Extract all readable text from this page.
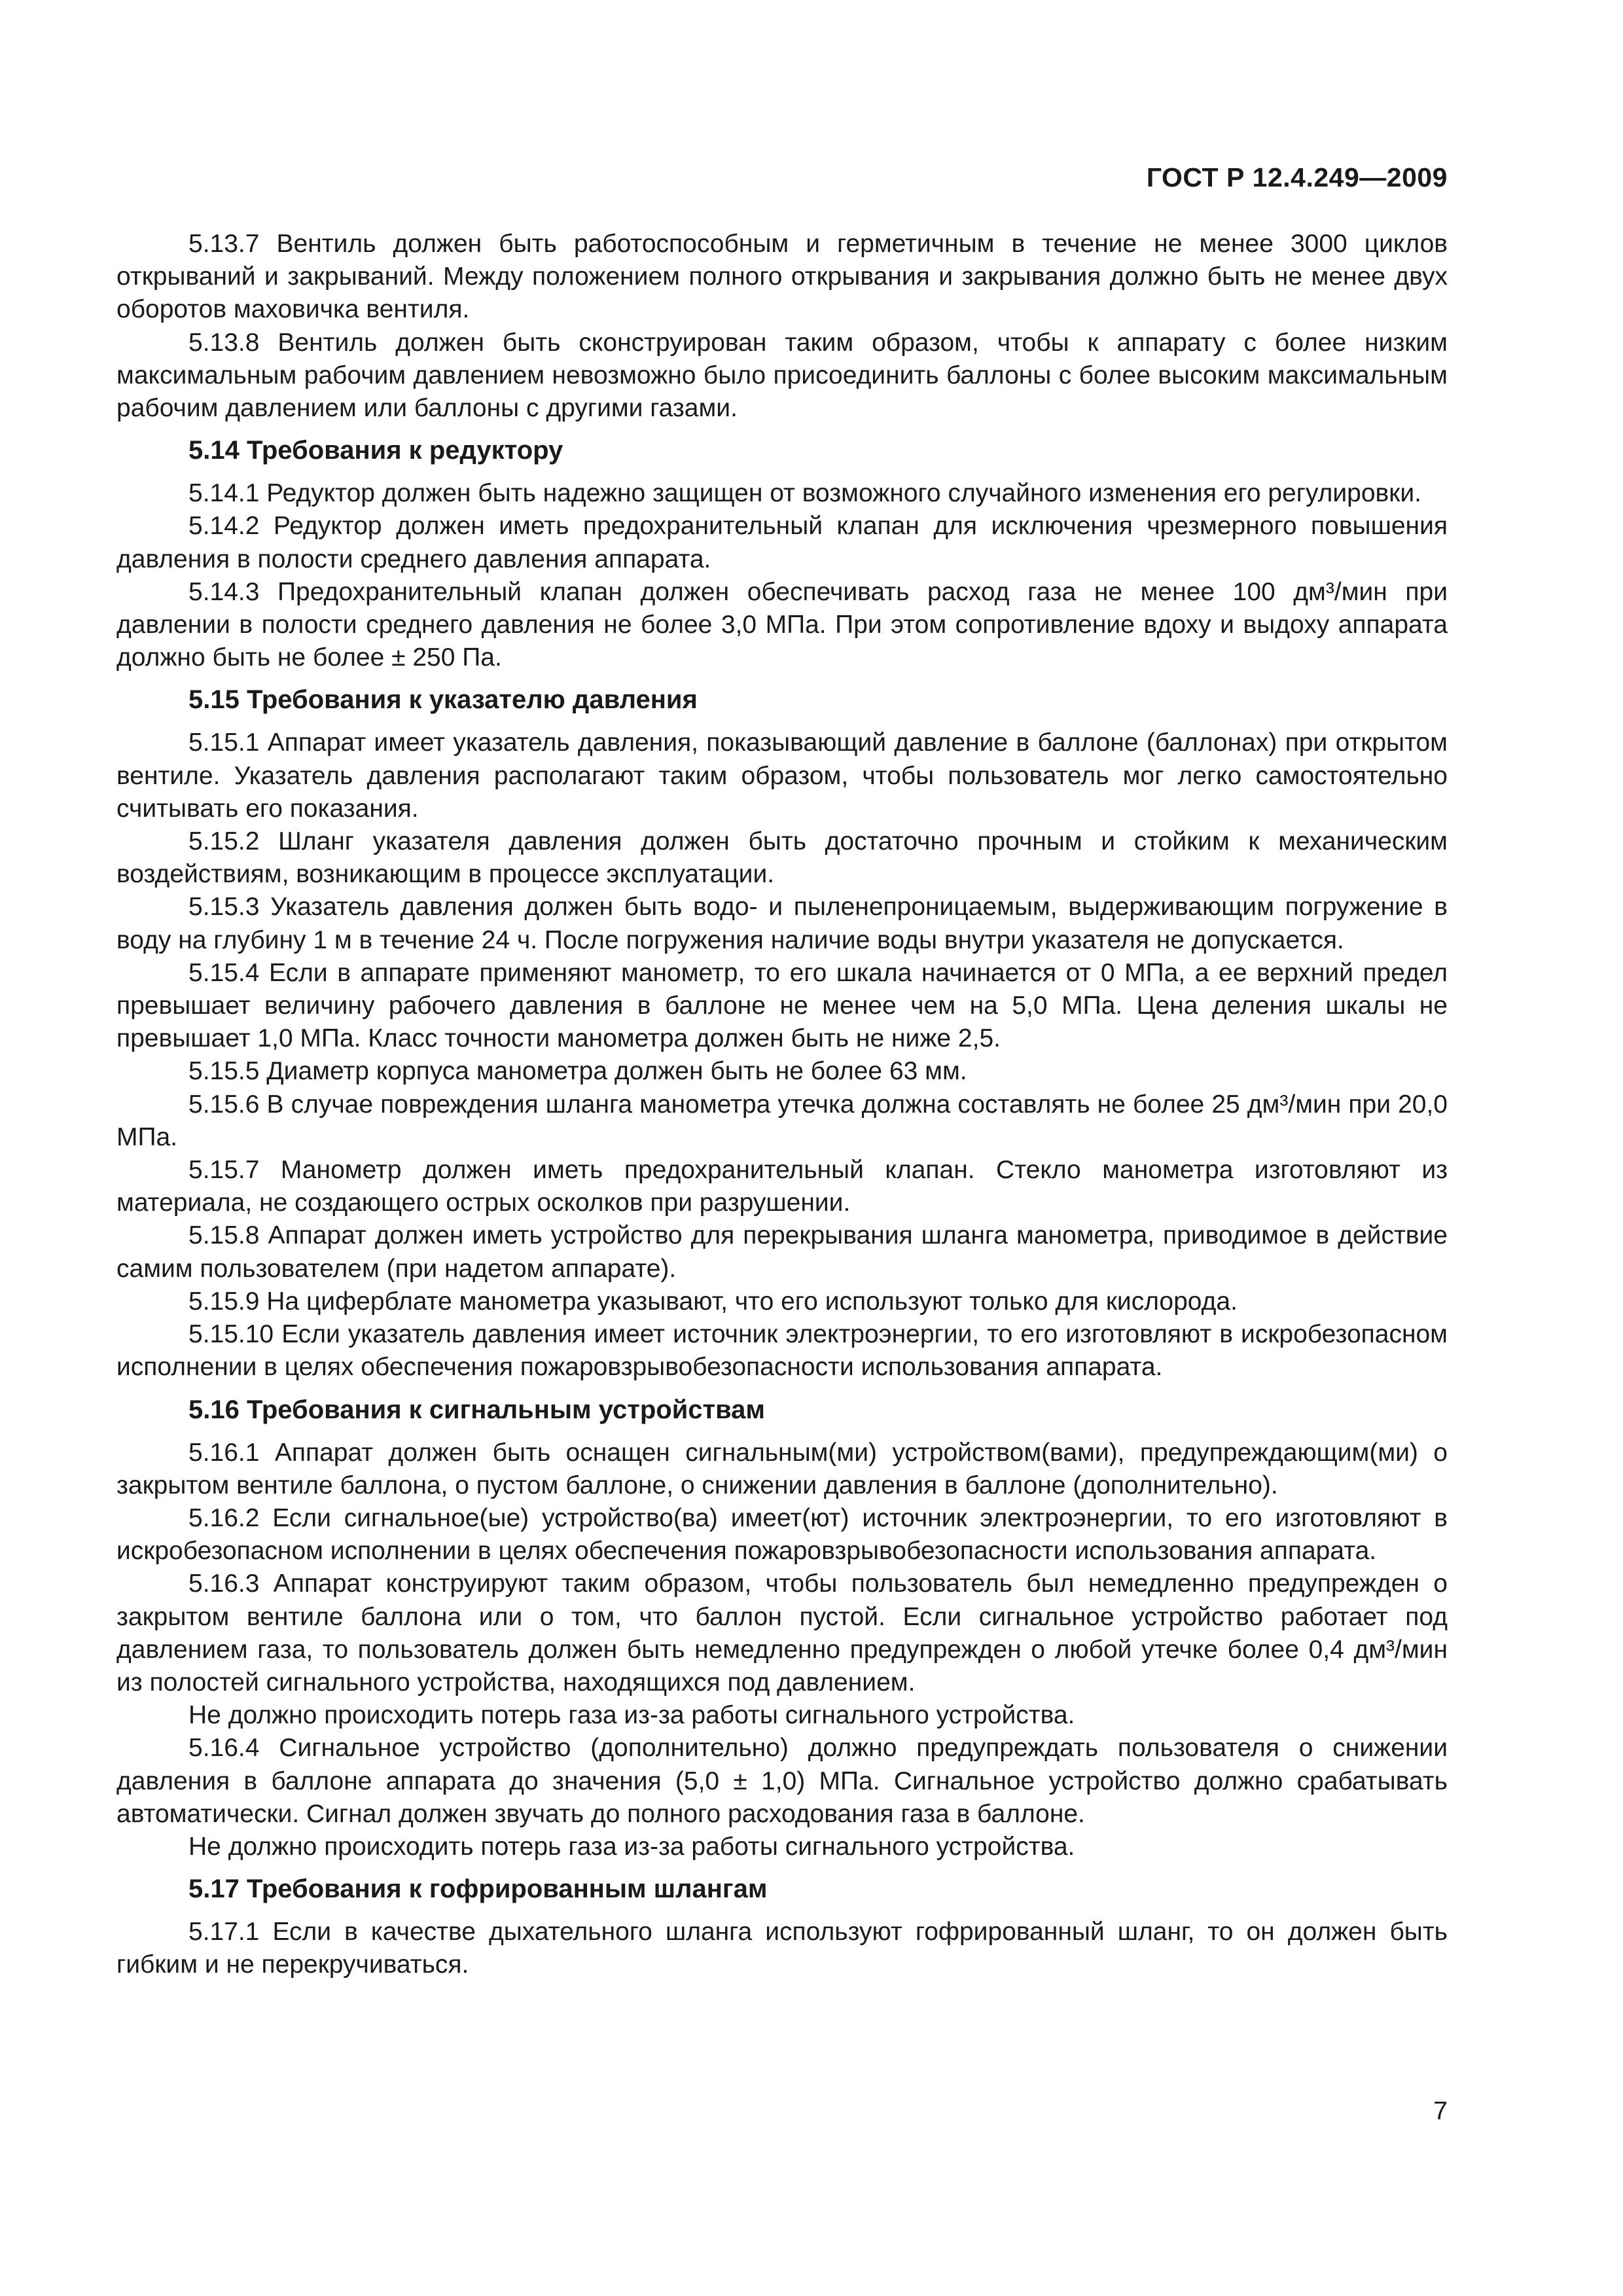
ГОСТ Р 12.4.249—2009

5.13.7 Вентиль должен быть работоспособным и герметичным в течение не менее 3000 циклов открываний и закрываний. Между положением полного открывания и закрывания должно быть не менее двух оборотов маховичка вентиля.

5.13.8 Вентиль должен быть сконструирован таким образом, чтобы к аппарату с более низким максимальным рабочим давлением невозможно было присоединить баллоны с более высоким максимальным рабочим давлением или баллоны с другими газами.

5.14 Требования к редуктору

5.14.1 Редуктор должен быть надежно защищен от возможного случайного изменения его регулировки.

5.14.2 Редуктор должен иметь предохранительный клапан для исключения чрезмерного повышения давления в полости среднего давления аппарата.

5.14.3 Предохранительный клапан должен обеспечивать расход газа не менее 100 дм³/мин при давлении в полости среднего давления не более 3,0 МПа. При этом сопротивление вдоху и выдоху аппарата должно быть не более ± 250 Па.

5.15 Требования к указателю давления

5.15.1 Аппарат имеет указатель давления, показывающий давление в баллоне (баллонах) при открытом вентиле. Указатель давления располагают таким образом, чтобы пользователь мог легко самостоятельно считывать его показания.

5.15.2 Шланг указателя давления должен быть достаточно прочным и стойким к механическим воздействиям, возникающим в процессе эксплуатации.

5.15.3 Указатель давления должен быть водо- и пыленепроницаемым, выдерживающим погружение в воду на глубину 1 м в течение 24 ч. После погружения наличие воды внутри указателя не допускается.

5.15.4 Если в аппарате применяют манометр, то его шкала начинается от 0 МПа, а ее верхний предел превышает величину рабочего давления в баллоне не менее чем на 5,0 МПа. Цена деления шкалы не превышает 1,0 МПа. Класс точности манометра должен быть не ниже 2,5.

5.15.5 Диаметр корпуса манометра должен быть не более 63 мм.

5.15.6 В случае повреждения шланга манометра утечка должна составлять не более 25 дм³/мин при 20,0 МПа.

5.15.7 Манометр должен иметь предохранительный клапан. Стекло манометра изготовляют из материала, не создающего острых осколков при разрушении.

5.15.8 Аппарат должен иметь устройство для перекрывания шланга манометра, приводимое в действие самим пользователем (при надетом аппарате).

5.15.9 На циферблате манометра указывают, что его используют только для кислорода.

5.15.10 Если указатель давления имеет источник электроэнергии, то его изготовляют в искробезопасном исполнении в целях обеспечения пожаровзрывобезопасности использования аппарата.

5.16 Требования к сигнальным устройствам

5.16.1 Аппарат должен быть оснащен сигнальным(ми) устройством(вами), предупреждающим(ми) о закрытом вентиле баллона, о пустом баллоне, о снижении давления в баллоне (дополнительно).

5.16.2 Если сигнальное(ые) устройство(ва) имеет(ют) источник электроэнергии, то его изготовляют в искробезопасном исполнении в целях обеспечения пожаровзрывобезопасности использования аппарата.

5.16.3 Аппарат конструируют таким образом, чтобы пользователь был немедленно предупрежден о закрытом вентиле баллона или о том, что баллон пустой. Если сигнальное устройство работает под давлением газа, то пользователь должен быть немедленно предупрежден о любой утечке более 0,4 дм³/мин из полостей сигнального устройства, находящихся под давлением.

Не должно происходить потерь газа из-за работы сигнального устройства.

5.16.4 Сигнальное устройство (дополнительно) должно предупреждать пользователя о снижении давления в баллоне аппарата до значения (5,0 ± 1,0) МПа. Сигнальное устройство должно срабатывать автоматически. Сигнал должен звучать до полного расходования газа в баллоне.

Не должно происходить потерь газа из-за работы сигнального устройства.

5.17 Требования к гофрированным шлангам

5.17.1 Если в качестве дыхательного шланга используют гофрированный шланг, то он должен быть гибким и не перекручиваться.

7
